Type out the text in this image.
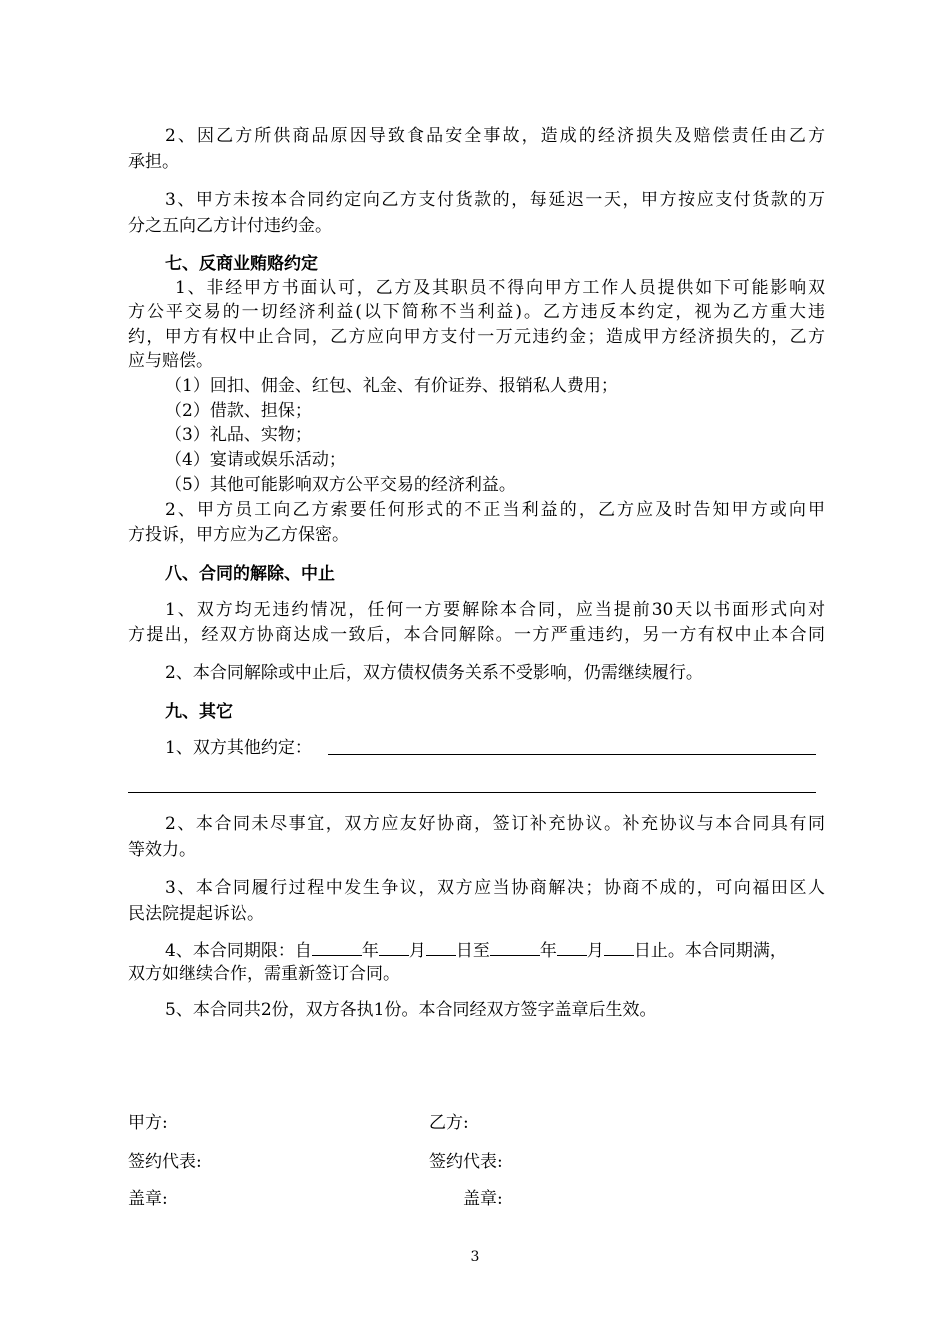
2、因乙方所供商品原因导致食品安全事故，造成的经济损失及赔偿责任由乙方
承担。
3、甲方未按本合同约定向乙方支付货款的，每延迟一天，甲方按应支付货款的万
分之五向乙方计付违约金。
七、反商业贿赂约定
1、非经甲方书面认可，乙方及其职员不得向甲方工作人员提供如下可能影响双
方公平交易的一切经济利益(以下简称不当利益)。乙方违反本约定，视为乙方重大违
约，甲方有权中止合同，乙方应向甲方支付一万元违约金；造成甲方经济损失的，乙方
应与赔偿。
（1）回扣、佣金、红包、礼金、有价证券、报销私人费用；
（2）借款、担保；
（3）礼品、实物；
（4）宴请或娱乐活动；
（5）其他可能影响双方公平交易的经济利益。
2、甲方员工向乙方索要任何形式的不正当利益的，乙方应及时告知甲方或向甲
方投诉，甲方应为乙方保密。
八、合同的解除、中止
1、双方均无违约情况，任何一方要解除本合同，应当提前30天以书面形式向对
方提出，经双方协商达成一致后，本合同解除。一方严重违约，另一方有权中止本合同
2、本合同解除或中止后，双方债权债务关系不受影响，仍需继续履行。
九、其它
1、双方其他约定：
2、本合同未尽事宜，双方应友好协商，签订补充协议。补充协议与本合同具有同
等效力。
3、本合同履行过程中发生争议，双方应当协商解决；协商不成的，可向福田区人
民法院提起诉讼。
4、本合同期限：自	年 月 日至	年 月 日止。本合同期满，
双方如继续合作，需重新签订合同。
5、本合同共2份，双方各执1份。本合同经双方签字盖章后生效。
甲方:	乙方:
签约代表:	签约代表:
盖章:	盖章:
3
